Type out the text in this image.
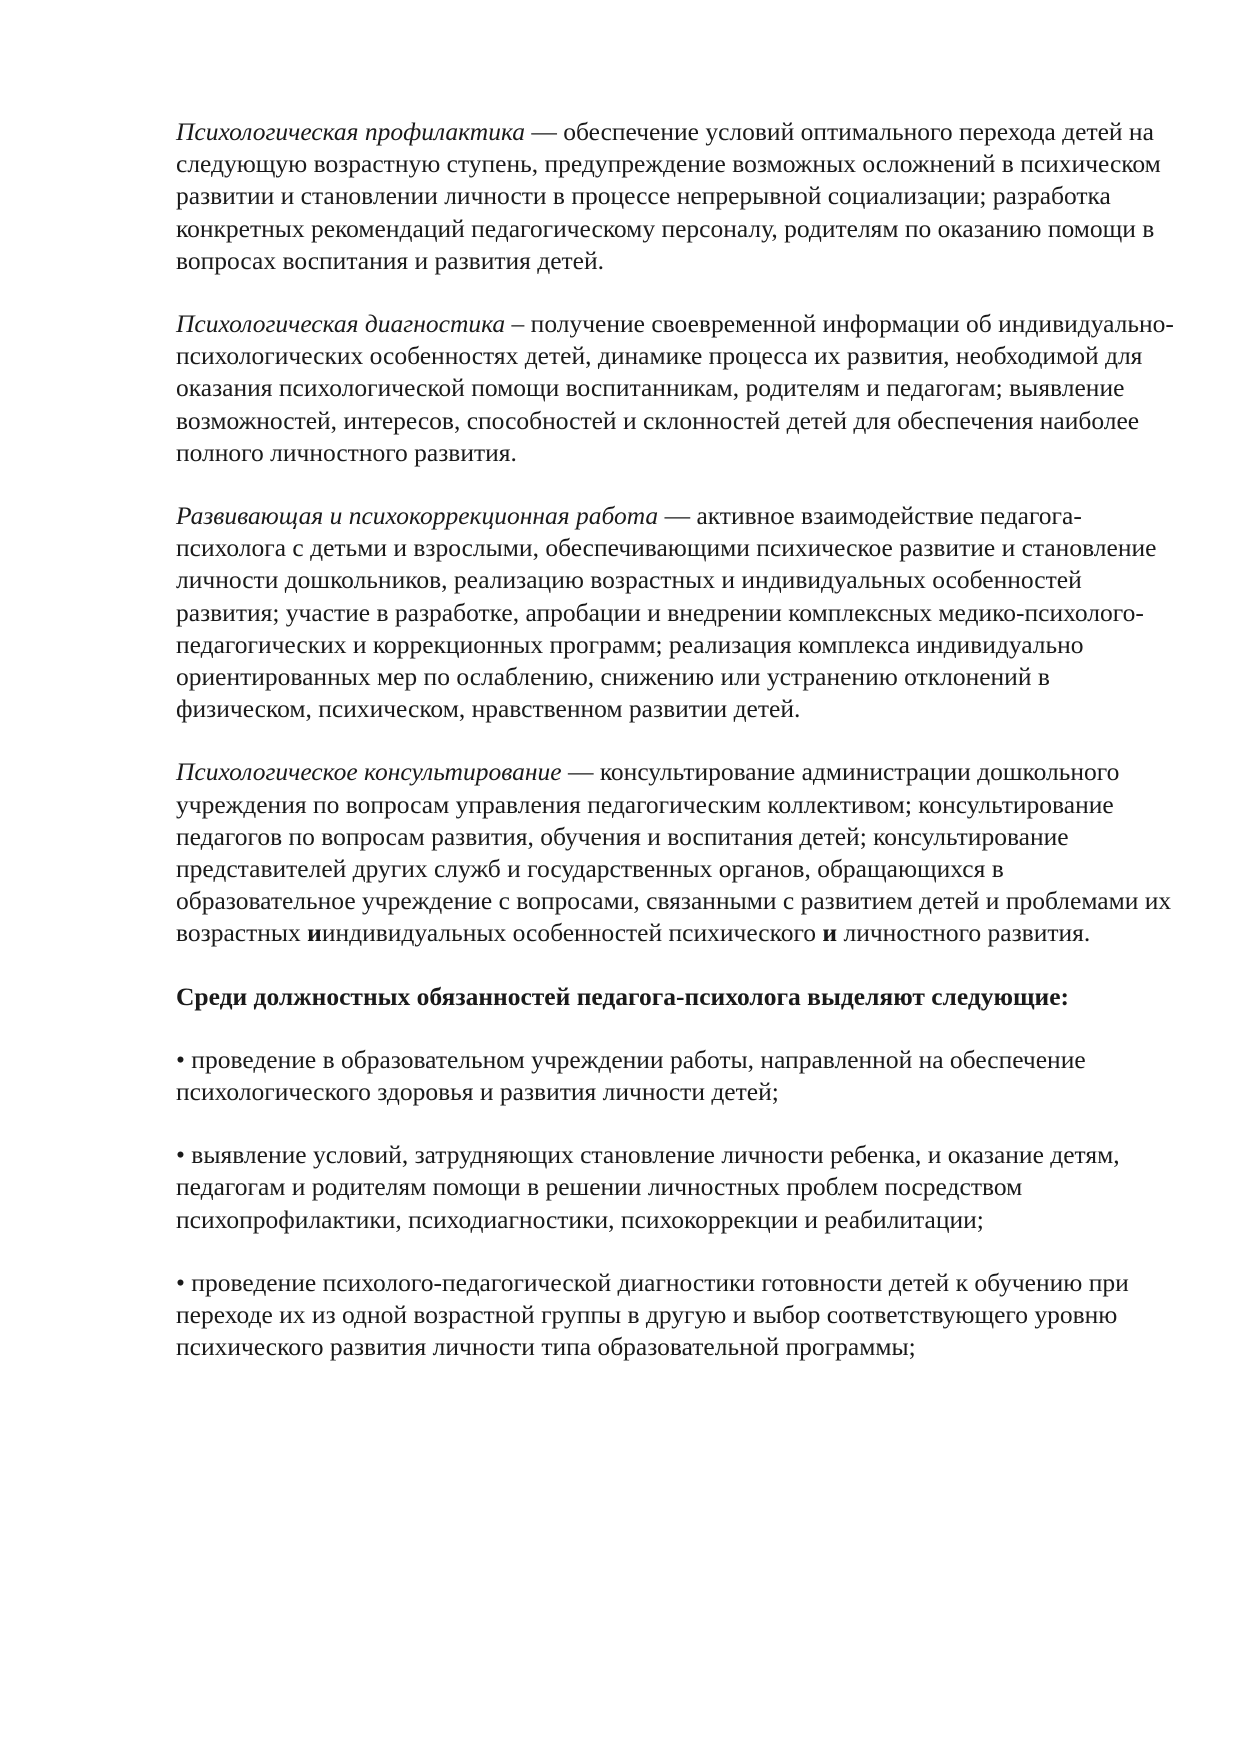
Психологическая профилактика — обеспечение условий оптимального перехода детей на следующую возрастную ступень, предупреждение возможных осложнений в психическом развитии и становлении личности в процессе непрерывной социализации; разработка конкретных рекомендаций педагогическому персоналу, родителям по оказанию помощи в вопросах воспитания и развития детей.

Психологическая диагностика – получение своевременной информации об индивидуально-психологических особенностях детей, динамике процесса их развития, необходимой для оказания психологической помощи воспитанникам, родителям и педагогам; выявление возможностей, интересов, способностей и склонностей детей для обеспечения наиболее полного личностного развития.

Развивающая и психокоррекционная работа — активное взаимодействие педагога-психолога с детьми и взрослыми, обеспечивающими психическое развитие и становление личности дошкольников, реализацию возрастных и индивидуальных особенностей развития; участие в разработке, апробации и внедрении комплексных медико-психолого-педагогических и коррекционных программ; реализация комплекса индивидуально ориентированных мер по ослаблению, снижению или устранению отклонений в физическом, психическом, нравственном развитии детей.

Психологическое консультирование — консультирование администрации дошкольного учреждения по вопросам управления педагогическим коллективом; консультирование педагогов по вопросам развития, обучения и воспитания детей; консультирование представителей других служб и государственных органов, обращающихся в образовательное учреждение с вопросами, связанными с развитием детей и проблемами их возрастных ииндивидуальных особенностей психического и личностного развития.

Среди должностных обязанностей педагога-психолога выделяют следующие:

• проведение в образовательном учреждении работы, направленной на обеспечение психологического здоровья и развития личности детей;

• выявление условий, затрудняющих становление личности ребенка, и оказание детям, педагогам и родителям помощи в решении личностных проблем посредством психопрофилактики, психодиагностики, психокоррекции и реабилитации;

• проведение психолого-педагогической диагностики готовности детей к обучению при переходе их из одной возрастной группы в другую и выбор соответствующего уровню психического развития личности типа образовательной программы;
